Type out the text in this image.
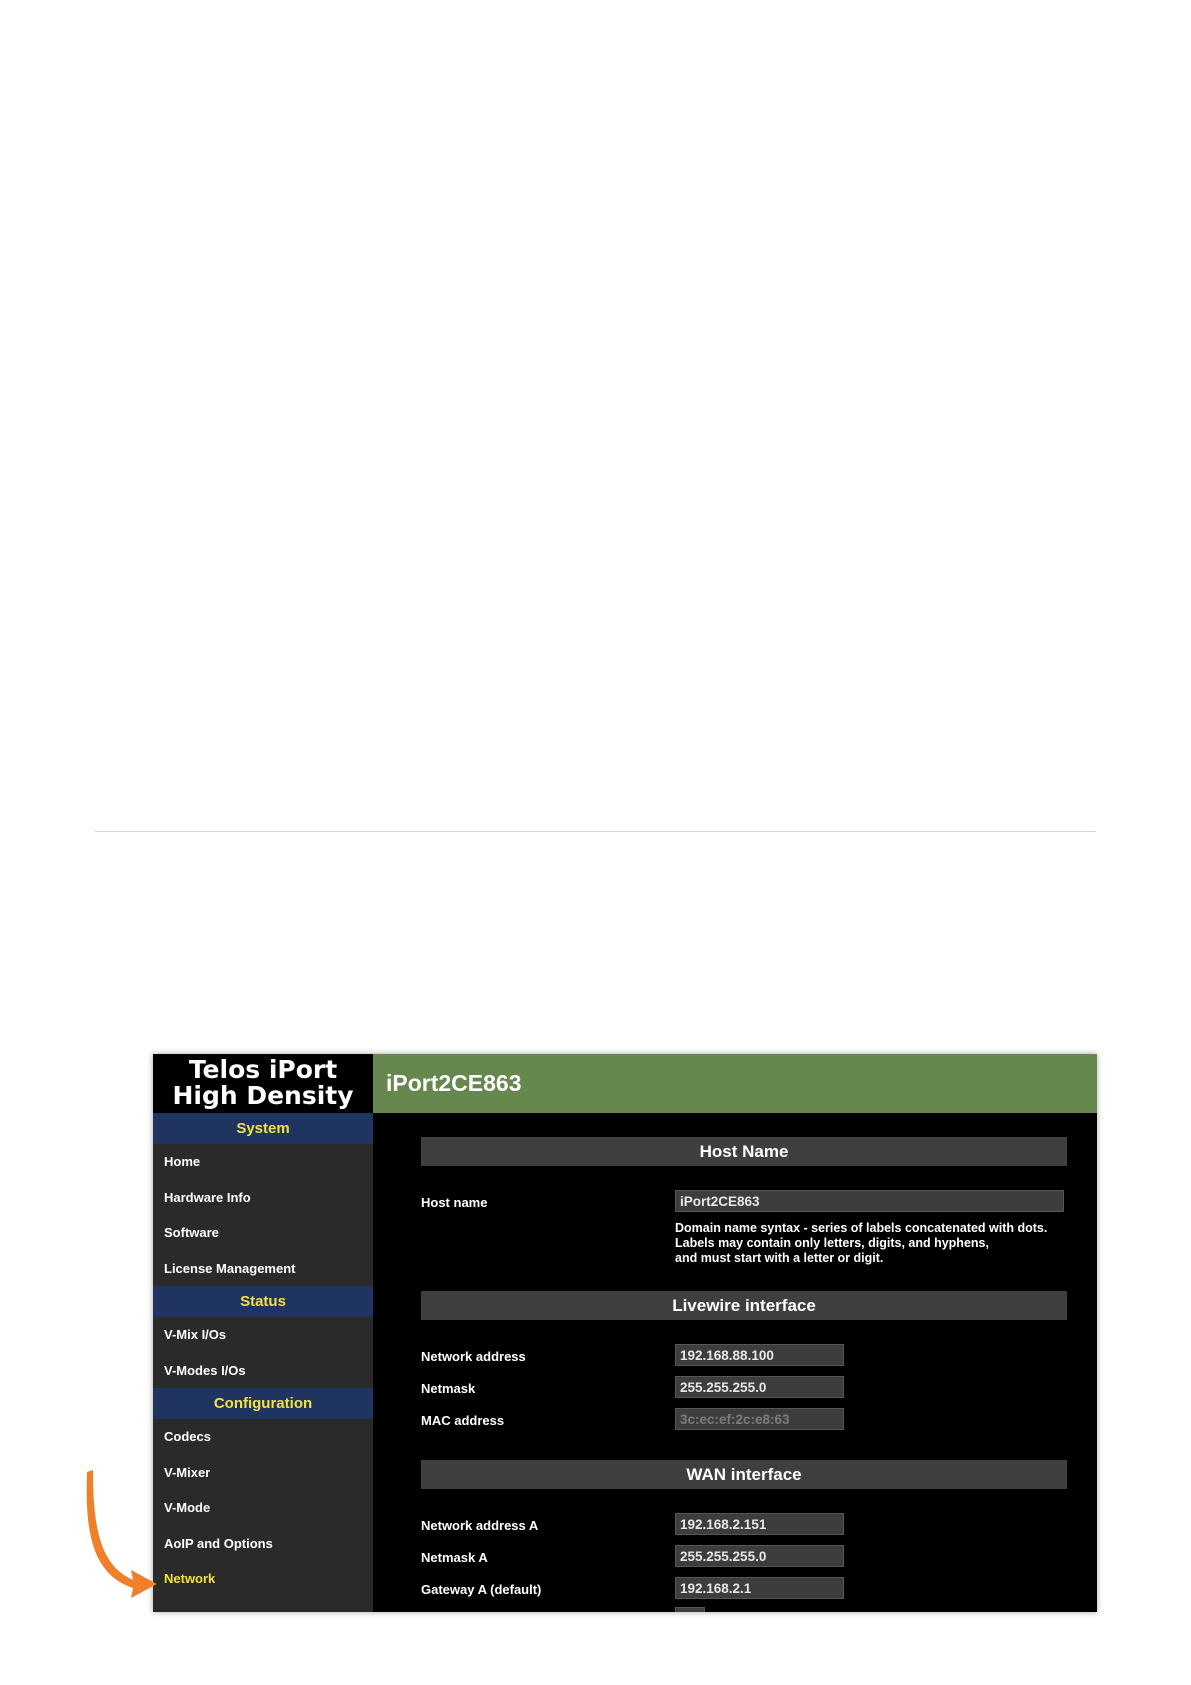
Telos iPort
High Density	iPort2CE863
System
Home
Hardware Info
Software
License Management
Status
V-Mix I/Os
V-Modes I/Os
Configuration
Codecs
V-Mixer
V-Mode
AoIP and Options
Network
Host Name
Host name	iPort2CE863
Domain name syntax - series of labels concatenated with dots.
Labels may contain only letters, digits, and hyphens,
and must start with a letter or digit.
Livewire interface
Network address	192.168.88.100
Netmask	255.255.255.0
MAC address	3c:ec:ef:2c:e8:63
WAN interface
Network address A	192.168.2.151
Netmask A	255.255.255.0
Gateway A (default)	192.168.2.1
